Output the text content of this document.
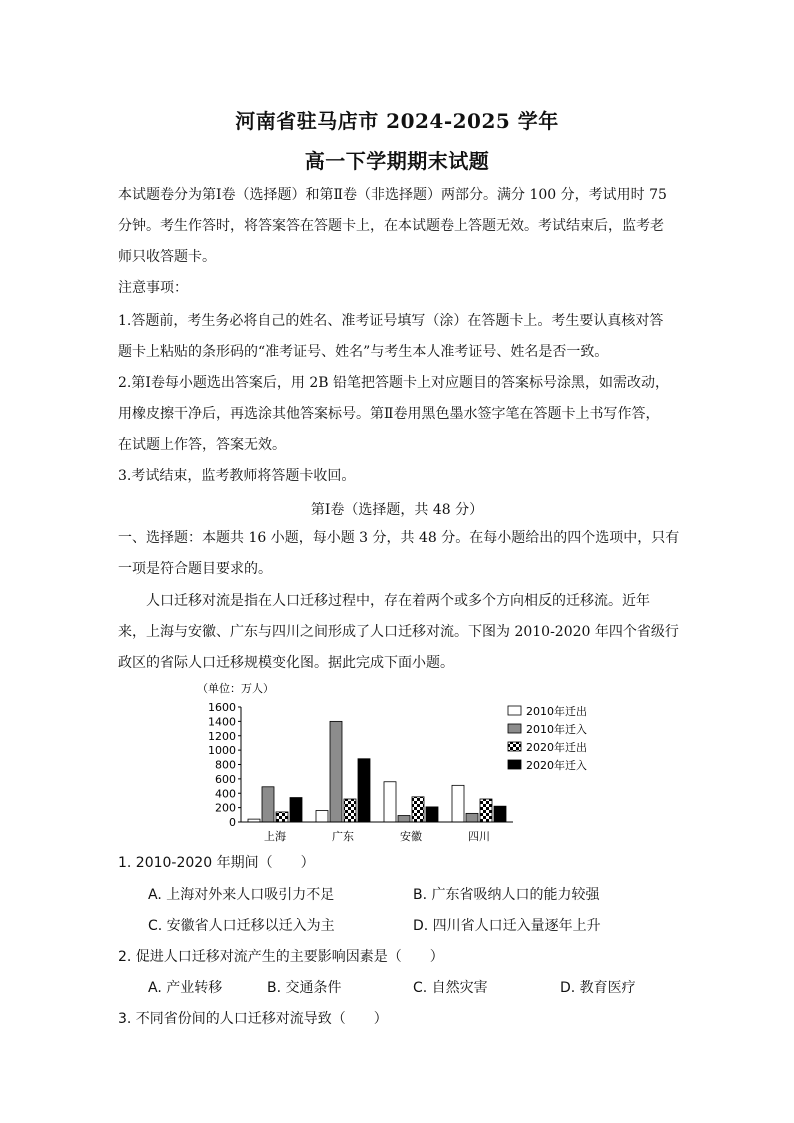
河南省驻马店市 2024-2025 学年
高一下学期期末试题
本试题卷分为第Ⅰ卷（选择题）和第Ⅱ卷（非选择题）两部分。满分 100 分，考试用时 75
分钟。考生作答时，将答案答在答题卡上，在本试题卷上答题无效。考试结束后，监考老
师只收答题卡。
注意事项：
1.答题前，考生务必将自己的姓名、准考证号填写（涂）在答题卡上。考生要认真核对答
题卡上粘贴的条形码的“准考证号、姓名”与考生本人准考证号、姓名是否一致。
2.第Ⅰ卷每小题选出答案后，用 2B 铅笔把答题卡上对应题目的答案标号涂黑，如需改动，
用橡皮擦干净后，再选涂其他答案标号。第Ⅱ卷用黑色墨水签字笔在答题卡上书写作答，
在试题上作答，答案无效。
3.考试结束，监考教师将答题卡收回。
第Ⅰ卷（选择题，共 48 分）
一、选择题：本题共 16 小题，每小题 3 分，共 48 分。在每小题给出的四个选项中，只有
一项是符合题目要求的。
人口迁移对流是指在人口迁移过程中，存在着两个或多个方向相反的迁移流。近年
来，上海与安徽、广东与四川之间形成了人口迁移对流。下图为 2010-2020 年四个省级行
政区的省际人口迁移规模变化图。据此完成下面小题。
（单位：万人）
0
200
400
600
800
1000
1200
1400
1600
上海	广东	安徽	四川
2010年迁出
2010年迁入
2020年迁出
2020年迁入
1. 2010-2020 年期间（　　）
A. 上海对外来人口吸引力不足	B. 广东省吸纳人口的能力较强
C. 安徽省人口迁移以迁入为主	D. 四川省人口迁入量逐年上升
2. 促进人口迁移对流产生的主要影响因素是（　　）
A. 产业转移	B. 交通条件	C. 自然灾害	D. 教育医疗
3. 不同省份间的人口迁移对流导致（　　）
